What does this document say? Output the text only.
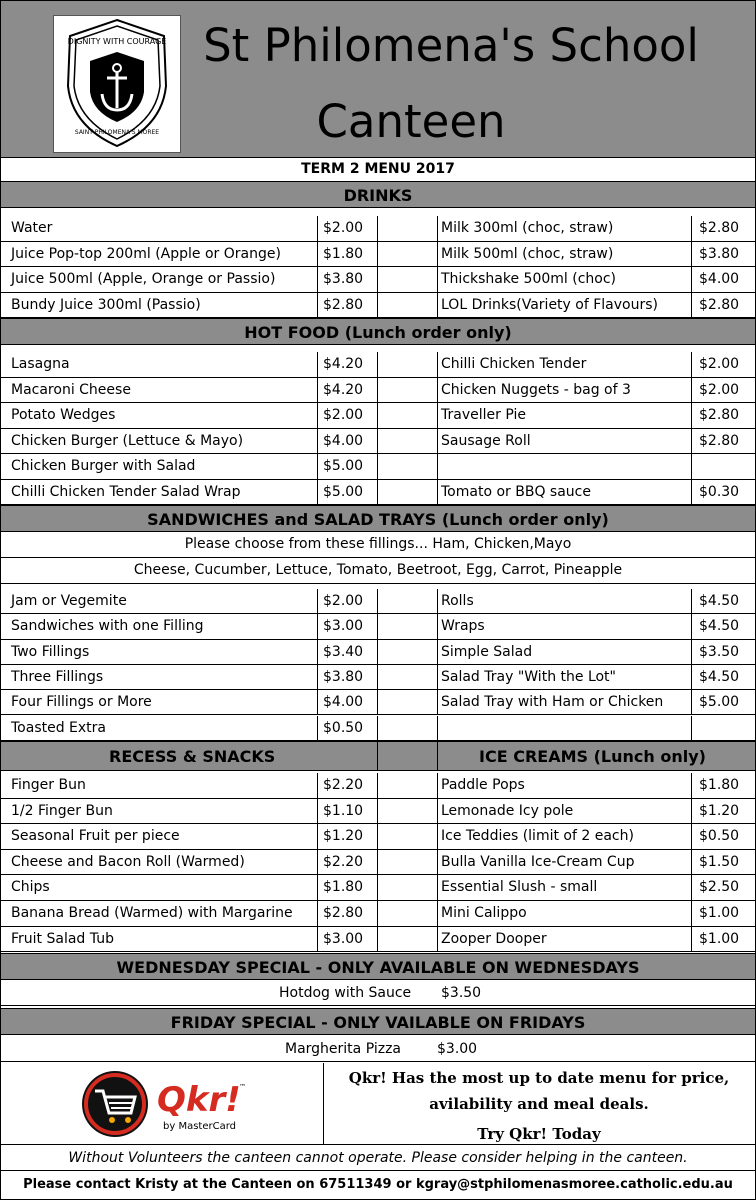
DIGNITY WITH COURAGE
SAINT PHILOMENA'S MOREE
St Philomena's School
Canteen
TERM 2 MENU 2017
DRINKS
Water	$2.00	Milk 300ml (choc, straw)	$2.80
Juice Pop-top 200ml (Apple or Orange)	$1.80	Milk 500ml (choc, straw)	$3.80
Juice 500ml (Apple, Orange or Passio)	$3.80	Thickshake 500ml (choc)	$4.00
Bundy Juice 300ml (Passio)	$2.80	LOL Drinks(Variety of Flavours)	$2.80
HOT FOOD (Lunch order only)
Lasagna	$4.20	Chilli Chicken Tender	$2.00
Macaroni Cheese	$4.20	Chicken Nuggets - bag of 3	$2.00
Potato Wedges	$2.00	Traveller Pie	$2.80
Chicken Burger (Lettuce & Mayo)	$4.00	Sausage Roll	$2.80
Chicken Burger with Salad	$5.00
Chilli Chicken Tender Salad Wrap	$5.00	Tomato or BBQ sauce	$0.30
SANDWICHES and SALAD TRAYS (Lunch order only)
Please choose from these fillings... Ham, Chicken,Mayo
Cheese, Cucumber, Lettuce, Tomato, Beetroot, Egg, Carrot, Pineapple
Jam or Vegemite	$2.00	Rolls	$4.50
Sandwiches with one Filling	$3.00	Wraps	$4.50
Two Fillings	$3.40	Simple Salad	$3.50
Three Fillings	$3.80	Salad Tray "With the Lot"	$4.50
Four Fillings or More	$4.00	Salad Tray with Ham or Chicken	$5.00
Toasted Extra	$0.50
RECESS & SNACKS	ICE CREAMS (Lunch only)
Finger Bun	$2.20	Paddle Pops	$1.80
1/2 Finger Bun	$1.10	Lemonade Icy pole	$1.20
Seasonal Fruit per piece	$1.20	Ice Teddies (limit of 2 each)	$0.50
Cheese and Bacon Roll (Warmed)	$2.20	Bulla Vanilla Ice-Cream Cup	$1.50
Chips	$1.80	Essential Slush - small	$2.50
Banana Bread (Warmed) with Margarine $2.80	Mini Calippo	$1.00
Fruit Salad Tub	$3.00	Zooper Dooper	$1.00
WEDNESDAY SPECIAL - ONLY AVAILABLE ON WEDNESDAYS
Hotdog with Sauce $3.50
FRIDAY SPECIAL - ONLY VAILABLE ON FRIDAYS
Margherita Pizza	$3.00
Qkr!
™
by MasterCard
Qkr! Has the most up to date menu for price,
avilability and meal deals.
Try Qkr! Today
Without Volunteers the canteen cannot operate. Please consider helping in the canteen.
Please contact Kristy at the Canteen on 67511349 or kgray@stphilomenasmoree.catholic.edu.au
